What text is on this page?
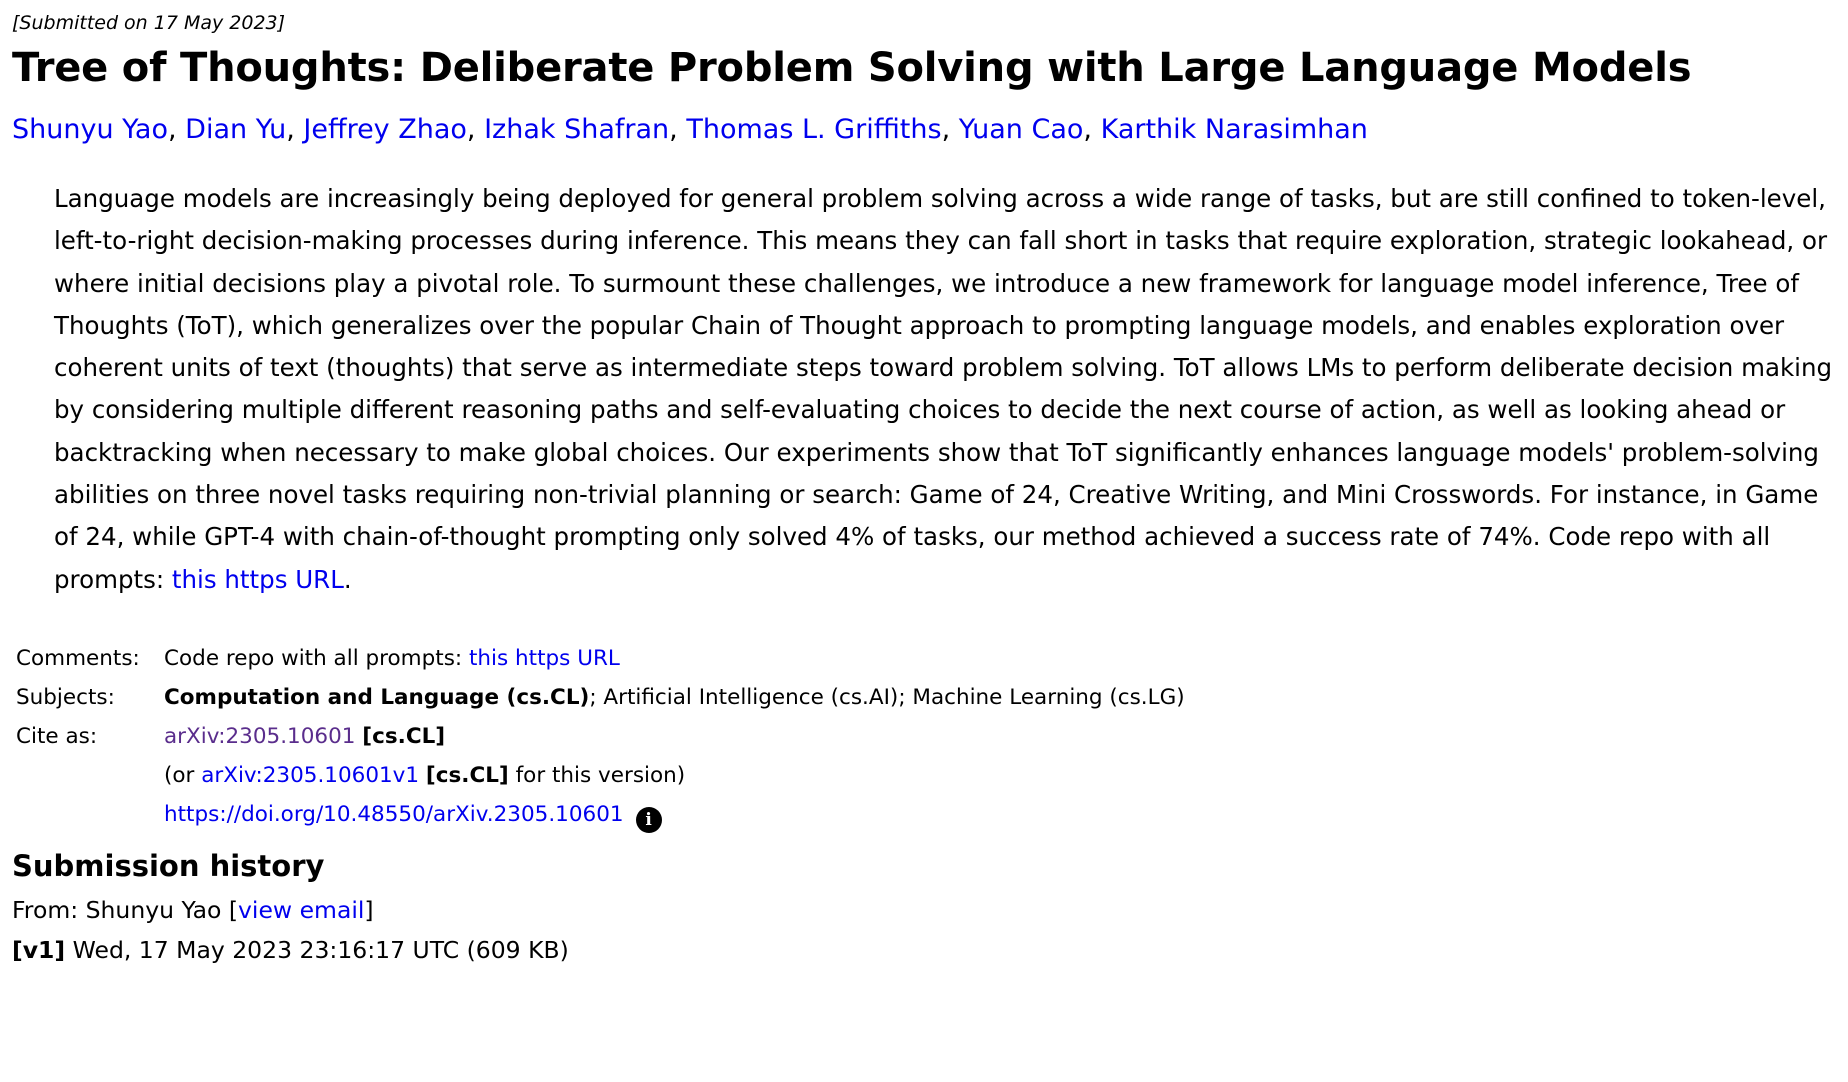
[Submitted on 17 May 2023]

Tree of Thoughts: Deliberate Problem Solving with Large Language Models
Shunyu Yao, Dian Yu, Jeffrey Zhao, Izhak Shafran, Thomas L. Griffiths, Yuan Cao, Karthik Narasimhan
Language models are increasingly being deployed for general problem solving across a wide range of tasks, but are still confined to token-level, left-to-right decision-making processes during inference. This means they can fall short in tasks that require exploration, strategic lookahead, or where initial decisions play a pivotal role. To surmount these challenges, we introduce a new framework for language model inference, Tree of Thoughts (ToT), which generalizes over the popular Chain of Thought approach to prompting language models, and enables exploration over coherent units of text (thoughts) that serve as intermediate steps toward problem solving. ToT allows LMs to perform deliberate decision making by considering multiple different reasoning paths and self-evaluating choices to decide the next course of action, as well as looking ahead or backtracking when necessary to make global choices. Our experiments show that ToT significantly enhances language models' problem-solving abilities on three novel tasks requiring non-trivial planning or search: Game of 24, Creative Writing, and Mini Crosswords. For instance, in Game of 24, while GPT-4 with chain-of-thought prompting only solved 4% of tasks, our method achieved a success rate of 74%. Code repo with all prompts: this https URL.
Comments:	Code repo with all prompts: this https URL
Subjects:	Computation and Language (cs.CL); Artificial Intelligence (cs.AI); Machine Learning (cs.LG)
Cite as:	arXiv:2305.10601 [cs.CL]
(or arXiv:2305.10601v1 [cs.CL] for this version)
https://doi.org/10.48550/arXiv.2305.10601 i
Submission history
From: Shunyu Yao [view email]
[v1] Wed, 17 May 2023 23:16:17 UTC (609 KB)
